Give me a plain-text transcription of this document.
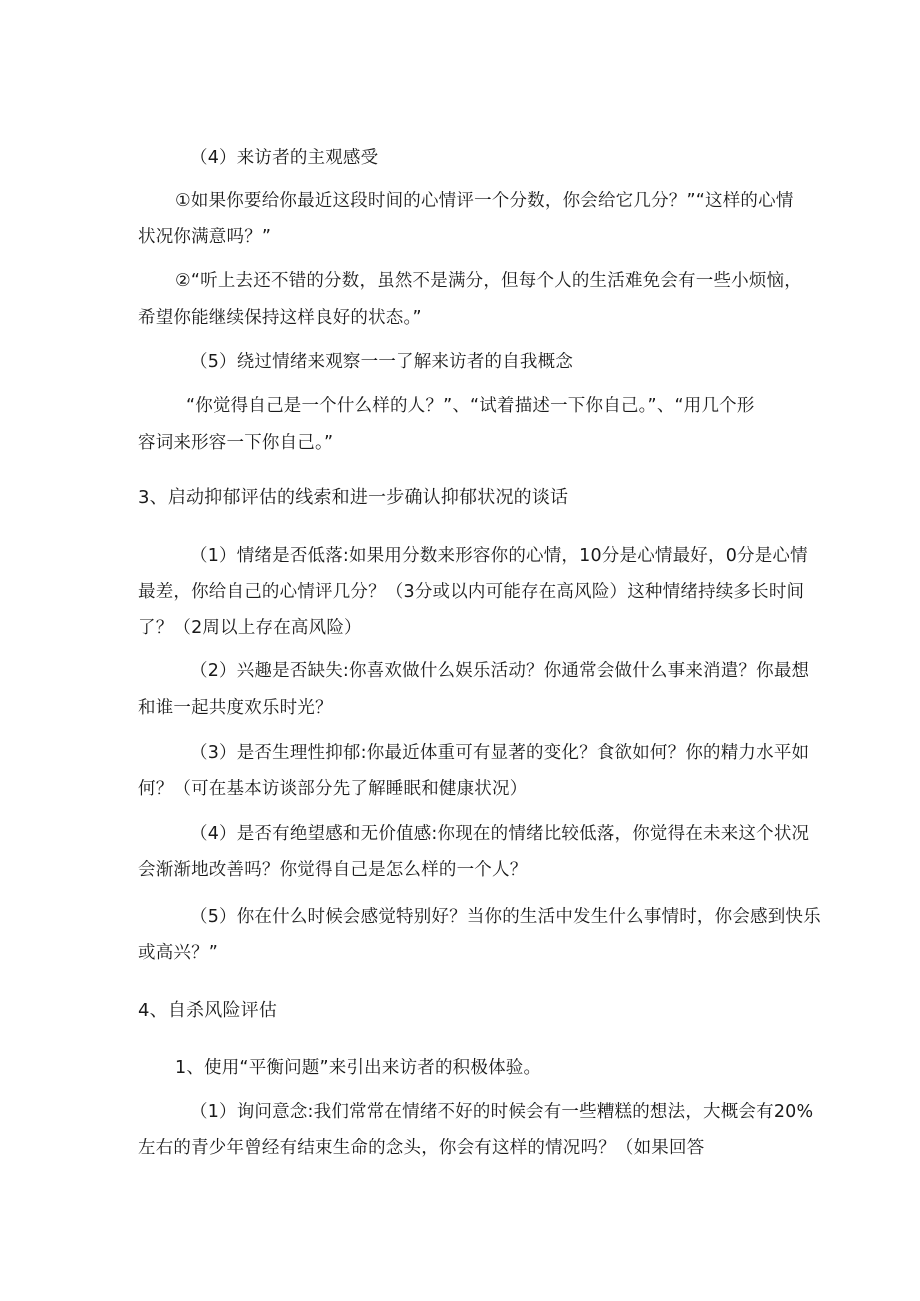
（4）来访者的主观感受
①如果你要给你最近这段时间的心情评一个分数，你会给它几分？”“这样的心情
状况你满意吗？”
②“听上去还不错的分数，虽然不是满分，但每个人的生活难免会有一些小烦恼，
希望你能继续保持这样良好的状态。”
（5）绕过情绪来观察一一了解来访者的自我概念
“你觉得自己是一个什么样的人？”、“试着描述一下你自己。”、“用几个形
容词来形容一下你自己。”
3、启动抑郁评估的线索和进一步确认抑郁状况的谈话
（1）情绪是否低落:如果用分数来形容你的心情，10分是心情最好，0分是心情
最差，你给自己的心情评几分？（3分或以内可能存在高风险）这种情绪持续多长时间
了？（2周以上存在高风险）
（2）兴趣是否缺失:你喜欢做什么娱乐活动？你通常会做什么事来消遣？你最想
和谁一起共度欢乐时光？
（3）是否生理性抑郁:你最近体重可有显著的变化？食欲如何？你的精力水平如
何？（可在基本访谈部分先了解睡眠和健康状况）
（4）是否有绝望感和无价值感:你现在的情绪比较低落，你觉得在未来这个状况
会渐渐地改善吗？你觉得自己是怎么样的一个人？
（5）你在什么时候会感觉特别好？当你的生活中发生什么事情时，你会感到快乐
或高兴？”
4、自杀风险评估
1、使用“平衡问题”来引出来访者的积极体验。
（1）询问意念:我们常常在情绪不好的时候会有一些糟糕的想法，大概会有20%
左右的青少年曾经有结束生命的念头，你会有这样的情况吗？（如果回答
